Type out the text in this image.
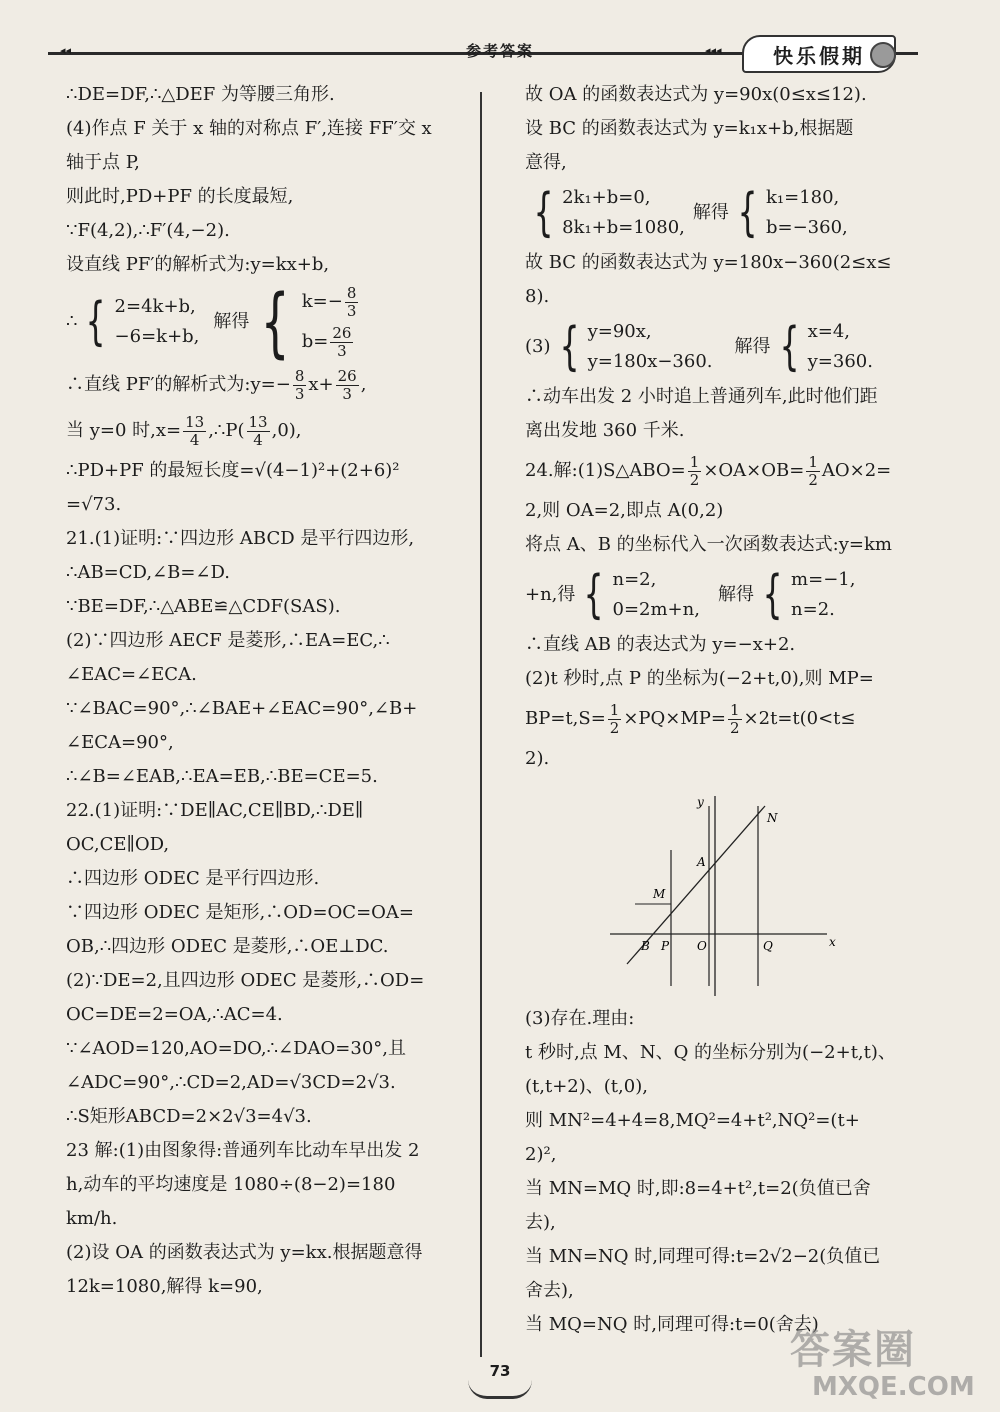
◂◂	参考答案	◂◂◂	快乐假期
∴DE=DF,∴△DEF 为等腰三角形.
(4)作点 F 关于 x 轴的对称点 F′,连接 FF′交 x
轴于点 P,
则此时,PD+PF 的长度最短,
∵F(4,2),∴F′(4,−2).
设直线 PF′的解析式为:y=kx+b,
∴ { 2=4k+b,
−6=k+b,
解得 { $k=- \frac{8}{3}$
$b= \frac{26}{3}$
∴直线 PF′的解析式为:y=− $\frac{8}{3} x+ \frac{26}{3}$ ,
当 y=0 时$,x= \frac{13}{4}$ ,∴P( $\frac{13}{4} ,0$),
∴PD+PF 的最短长度=√(4−1)²+(2+6)²
=√73.
21.(1)证明:∵四边形 ABCD 是平行四边形,
∴AB=CD,∠B=∠D.
∵BE=DF,∴△ABE≌△CDF(SAS).
(2)∵四边形 AECF 是菱形,∴EA=EC,∴
∠EAC=∠ECA.
∵∠BAC=90°,∴∠BAE+∠EAC=90°,∠B+
∠ECA=90°,
∴∠B=∠EAB,∴EA=EB,∴BE=CE=5.
22.(1)证明:∵DE∥AC,CE∥BD,∴DE∥
OC,CE∥OD,
∴四边形 ODEC 是平行四边形.
∵四边形 ODEC 是矩形,∴OD=OC=OA=
OB,∴四边形 ODEC 是菱形,∴OE⊥DC.
(2)∵DE=2,且四边形 ODEC 是菱形,∴OD=
OC=DE=2=OA,∴AC=4.
∵∠AOD=120,AO=DO,∴∠DAO=30°,且
∠ADC=90°,∴CD=2,AD=√3CD=2√3.
∴S矩形ABCD=2×2√3=4√3.
23 解:(1)由图象得:普通列车比动车早出发 2
h,动车的平均速度是 1080÷(8−2)=180
km/h.
(2)设 OA 的函数表达式为 y=kx.根据题意得
12k=1080,解得 k=90,
故 OA 的函数表达式为 y=90x(0≤x≤12).
设 BC 的函数表达式为 y=k₁x+b,根据题
意得,
{ 2k₁+b=0,
8k₁+b=1080,
解得 { k₁=180,
b=−360,
故 BC 的函数表达式为 y=180x−360(2≤x≤
8).
(3) { y=90x,
y=180x−360.
解得 { x=4,
y=360.
∴动车出发 2 小时追上普通列车,此时他们距
离出发地 360 千米.
24.解:(1)S△ABO= $\frac{1}{2} \times OA\times OB= \frac{1}{2} AO\times 2=$
2,则 OA=2,即点 A(0,2)
将点 A、B 的坐标代入一次函数表达式:y=km
+n,得 { n=2,
0=2m+n,
解得 { m=−1,
n=2.
∴直线 AB 的表达式为 y=−x+2.
(2)t 秒时,点 P 的坐标为(−2+t,0),则 MP=
$BP=t,S= \frac{1}{2} \times PQ\times MP= \frac{1}{2} \times 2t=t(0<t\le$
2).
y
x
N
A
M
B P O	Q
(3)存在.理由:
t 秒时,点 M、N、Q 的坐标分别为(−2+t,t)、
(t,t+2)、(t,0),
则 MN²=4+4=8,MQ²=4+t²,NQ²=(t+
2)²,
当 MN=MQ 时,即:8=4+t²,t=2(负值已舍
去),
当 MN=NQ 时,同理可得:t=2√2−2(负值已
舍去),
当 MQ=NQ 时,同理可得:t=0(舍去)
73	答案圈
MXQE.COM
